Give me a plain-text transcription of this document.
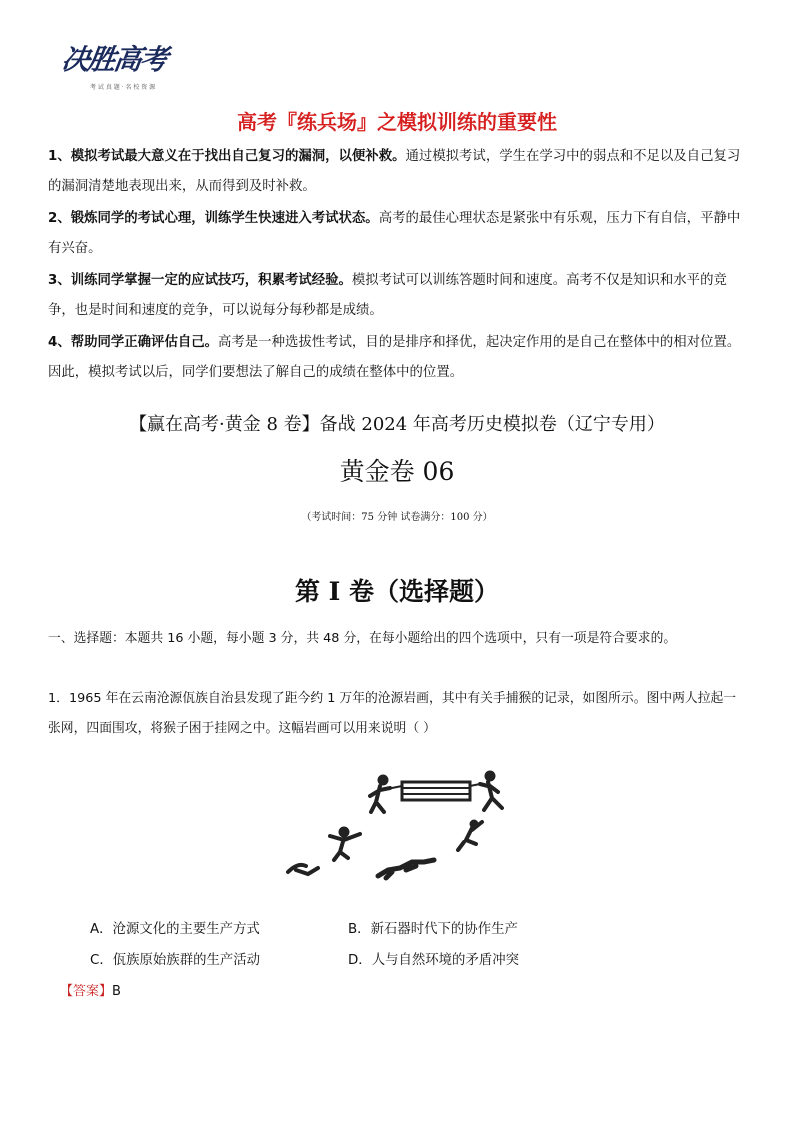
决胜高考
考 试 真 题 · 名 校 资 源
高考『练兵场』之模拟训练的重要性
1、模拟考试最大意义在于找出自己复习的漏洞，以便补救。通过模拟考试，学生在学习中的弱点和不足以及自己复习的漏洞清楚地表现出来，从而得到及时补救。
2、锻炼同学的考试心理，训练学生快速进入考试状态。高考的最佳心理状态是紧张中有乐观，压力下有自信，平静中有兴奋。
3、训练同学掌握一定的应试技巧，积累考试经验。模拟考试可以训练答题时间和速度。高考不仅是知识和水平的竞争，也是时间和速度的竞争，可以说每分每秒都是成绩。
4、帮助同学正确评估自己。高考是一种选拔性考试，目的是排序和择优，起决定作用的是自己在整体中的相对位置。因此，模拟考试以后，同学们要想法了解自己的成绩在整体中的位置。
【赢在高考·黄金 8 卷】备战 2024 年高考历史模拟卷（辽宁专用）
黄金卷 06
（考试时间：75 分钟 试卷满分：100 分）
第 I 卷（选择题）
一、选择题：本题共 16 小题，每小题 3 分，共 48 分，在每小题给出的四个选项中，只有一项是符合要求的。
1．1965 年在云南沧源佤族自治县发现了距今约 1 万年的沧源岩画，其中有关手捕猴的记录，如图所示。图中两人拉起一张网，四面围攻，将猴子困于挂网之中。这幅岩画可以用来说明（ ）
A．沧源文化的主要生产方式	B．新石器时代下的协作生产
C．佤族原始族群的生产活动	D．人与自然环境的矛盾冲突
【答案】B
